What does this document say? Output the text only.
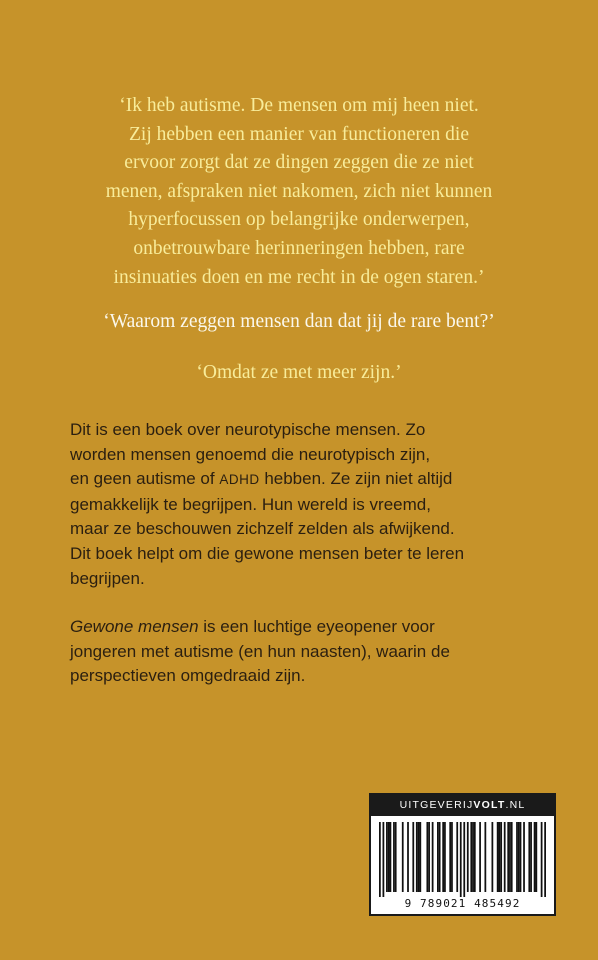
‘Ik heb autisme. De mensen om mij heen niet.
Zij hebben een manier van functioneren die
ervoor zorgt dat ze dingen zeggen die ze niet
menen, afspraken niet nakomen, zich niet kunnen
hyperfocussen op belangrijke onderwerpen,
onbetrouwbare herinneringen hebben, rare
insinuaties doen en me recht in de ogen staren.’

‘Waarom zeggen mensen dan dat jij de rare bent?’

‘Omdat ze met meer zijn.’

Dit is een boek over neurotypische mensen. Zo
worden mensen genoemd die neurotypisch zijn,
en geen autisme of ADHD hebben. Ze zijn niet altijd
gemakkelijk te begrijpen. Hun wereld is vreemd,
maar ze beschouwen zichzelf zelden als afwijkend.
Dit boek helpt om die gewone mensen beter te leren
begrijpen.

Gewone mensen is een luchtige eyeopener voor
jongeren met autisme (en hun naasten), waarin de
perspectieven omgedraaid zijn.

UITGEVERIJVOLT.NL
9 789021 485492
